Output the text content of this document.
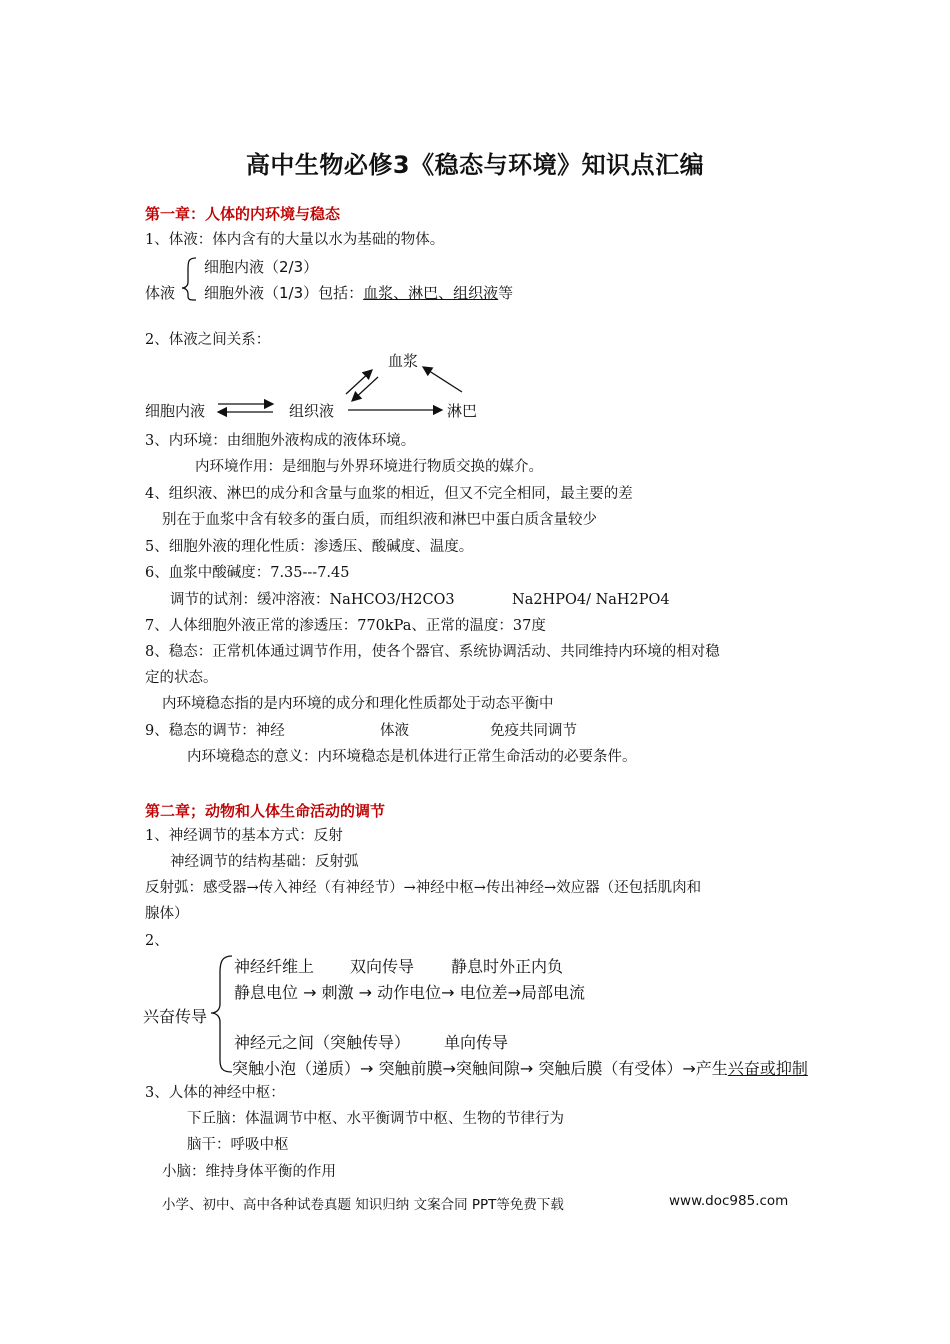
高中生物必修3《稳态与环境》知识点汇编
第一章：人体的内环境与稳态
1、体液：体内含有的大量以水为基础的物体。
体液
细胞内液（2/3）
细胞外液（1/3）包括：血浆、淋巴、组织液等
2、体液之间关系：
血浆
细胞内液	组织液	淋巴
3、内环境：由细胞外液构成的液体环境。
内环境作用：是细胞与外界环境进行物质交换的媒介。
4、组织液、淋巴的成分和含量与血浆的相近，但又不完全相同，最主要的差
别在于血浆中含有较多的蛋白质，而组织液和淋巴中蛋白质含量较少
5、细胞外液的理化性质：渗透压、酸碱度、温度。
6、血浆中酸碱度：7.35---7.45
调节的试剂：缓冲溶液：NaHCO3/H2CO3	Na2HPO4/ NaH2PO4
7、人体细胞外液正常的渗透压：770kPa、正常的温度：37度
8、稳态：正常机体通过调节作用，使各个器官、系统协调活动、共同维持内环境的相对稳
定的状态。
内环境稳态指的是内环境的成分和理化性质都处于动态平衡中
9、稳态的调节：神经	体液	免疫共同调节
内环境稳态的意义：内环境稳态是机体进行正常生命活动的必要条件。
第二章；动物和人体生命活动的调节
1、神经调节的基本方式：反射
神经调节的结构基础：反射弧
反射弧：感受器→传入神经（有神经节）→神经中枢→传出神经→效应器（还包括肌肉和
腺体）
2、
兴奋传导
神经纤维上 双向传导 静息时外正内负
静息电位 → 刺激 → 动作电位→ 电位差→局部电流
神经元之间（突触传导） 单向传导
突触小泡（递质）→ 突触前膜→突触间隙→ 突触后膜（有受体）→产生兴奋或抑制
3、人体的神经中枢：
下丘脑：体温调节中枢、水平衡调节中枢、生物的节律行为
脑干：呼吸中枢
小脑：维持身体平衡的作用
小学、初中、高中各种试卷真题 知识归纳 文案合同 PPT等免费下载	www.doc985.com
